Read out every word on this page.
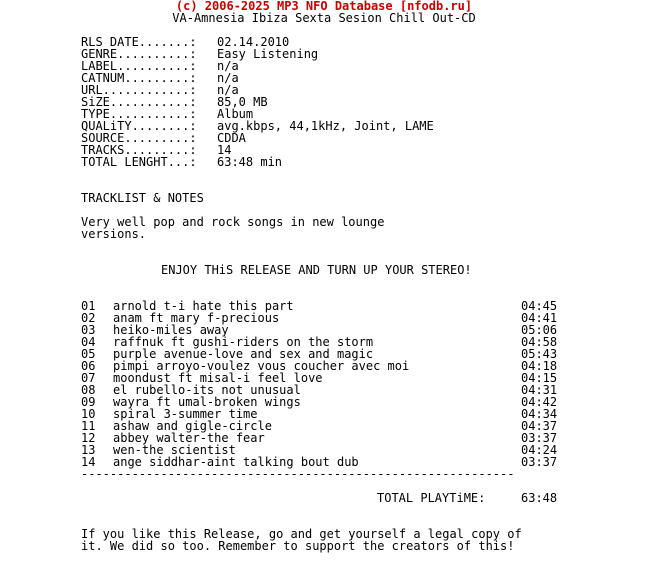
(c) 2006-2025 MP3 NFO Database [nfodb.ru]
VA-Amnesia Ibiza Sexta Sesion Chill Out-CD
RLS DATE.......: 02.14.2010
GENRE..........: Easy Listening
LABEL..........: n/a
CATNUM.........: n/a
URL............: n/a
SiZE...........: 85,0 MB
TYPE...........: Album
QUALiTY........: avg.kbps, 44,1kHz, Joint, LAME
SOURCE.........: CDDA
TRACKS.........: 14
TOTAL LENGHT...: 63:48 min
TRACKLIST & NOTES
Very well pop and rock songs in new lounge
versions.
ENJOY THiS RELEASE AND TURN UP YOUR STEREO!
01 arnold t-i hate this part	04:45
02 anam ft mary f-precious	04:41
03 heiko-miles away	05:06
04 raffnuk ft gushi-riders on the storm	04:58
05 purple avenue-love and sex and magic	05:43
06 pimpi arroyo-voulez vous coucher avec moi	04:18
07 moondust ft misal-i feel love	04:15
08 el rubello-its not unusual	04:31
09 wayra ft umal-broken wings	04:42
10 spiral 3-summer time	04:34
11 ashaw and gigle-circle	04:37
12 abbey walter-the fear	03:37
13 wen-the scientist	04:24
14 ange siddhar-aint talking bout dub	03:37
------------------------------------------------------------
TOTAL PLAYTiME:	63:48
If you like this Release, go and get yourself a legal copy of
it. We did so too. Remember to support the creators of this!
